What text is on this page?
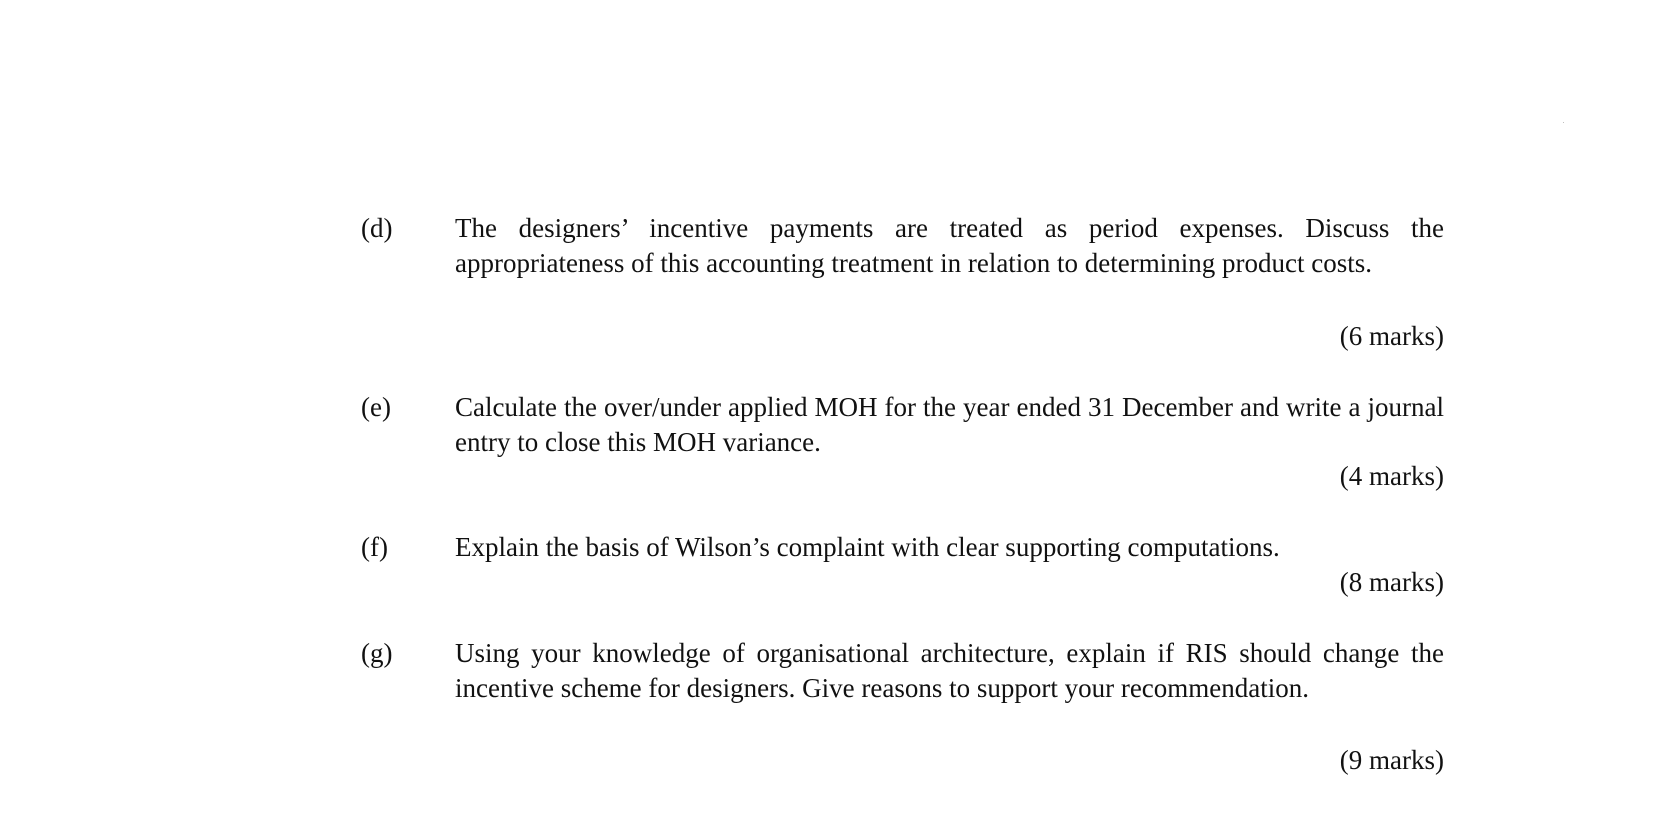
(d) The designers’ incentive payments are treated as period expenses. Discuss the appropriateness of this accounting treatment in relation to determining product costs.
(6 marks)
(e) Calculate the over/under applied MOH for the year ended 31 December and write a journal entry to close this MOH variance.
(4 marks)
(f) Explain the basis of Wilson’s complaint with clear supporting computations.
(8 marks)
(g) Using your knowledge of organisational architecture, explain if RIS should change the incentive scheme for designers. Give reasons to support your recommendation.
(9 marks)
